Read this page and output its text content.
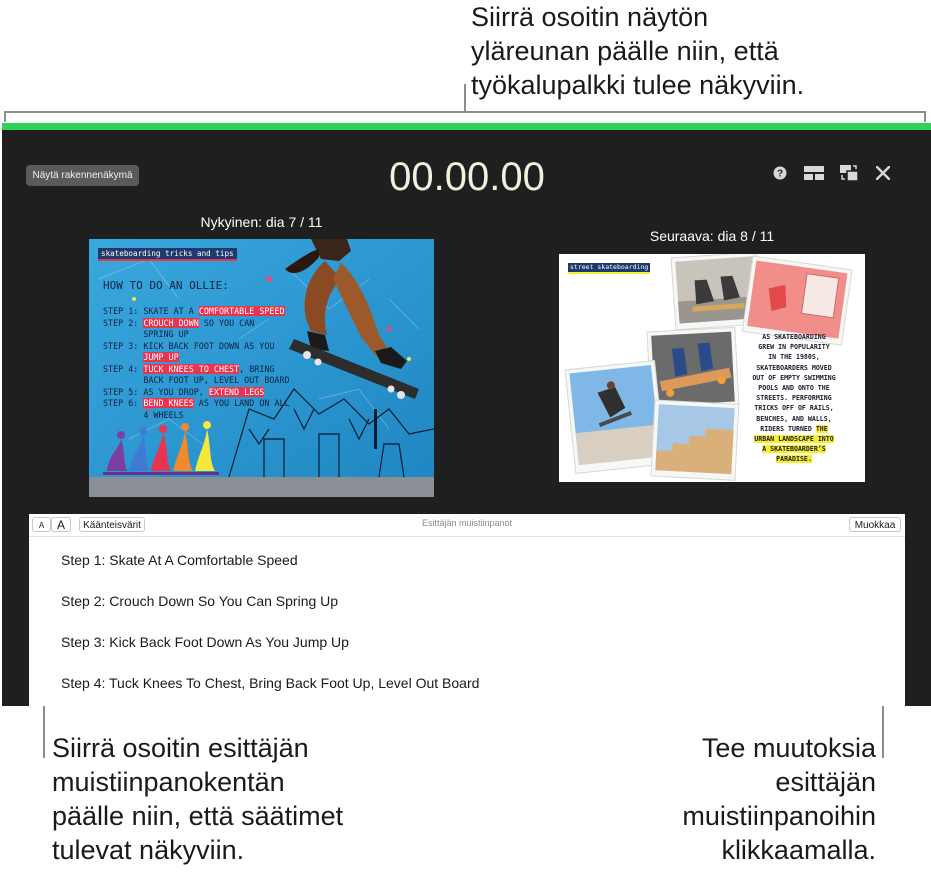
Siirrä osoitin näytön
yläreunan päälle niin, että
työkalupalkki tulee näkyviin.
Näytä rakennenäkymä	00.00.00	?
Nykyinen: dia 7 / 11
Seuraava: dia 8 / 11
skateboarding tricks and tips
HOW TO DO AN OLLIE:
STEP 1: SKATE AT A COMFORTABLE SPEED
STEP 2: CROUCH DOWN SO YOU CAN
SPRING UP
STEP 3: KICK BACK FOOT DOWN AS YOU
JUMP UP
STEP 4: TUCK KNEES TO CHEST, BRING
BACK FOOT UP, LEVEL OUT BOARD
STEP 5: AS YOU DROP, EXTEND LEGS
STEP 6: BEND KNEES AS YOU LAND ON ALL
4 WHEELS
street skateboarding
AS SKATEBOARDING
GREW IN POPULARITY
IN THE 1980S,
SKATEBOARDERS MOVED
OUT OF EMPTY SWIMMING
POOLS AND ONTO THE
STREETS. PERFORMING
TRICKS OFF OF RAILS,
BENCHES, AND WALLS,
RIDERS TURNED THE
URBAN LANDSCAPE INTO
A SKATEBOARDER’S
PARADISE.
A	A	Käänteisvärit	Esittäjän muistiinpanot	Muokkaa
Step 1: Skate At A Comfortable Speed
Step 2: Crouch Down So You Can Spring Up
Step 3: Kick Back Foot Down As You Jump Up
Step 4: Tuck Knees To Chest, Bring Back Foot Up, Level Out Board
Siirrä osoitin esittäjän
muistiinpanokentän
päälle niin, että säätimet
tulevat näkyviin.
Tee muutoksia
esittäjän
muistiinpanoihin
klikkaamalla.
